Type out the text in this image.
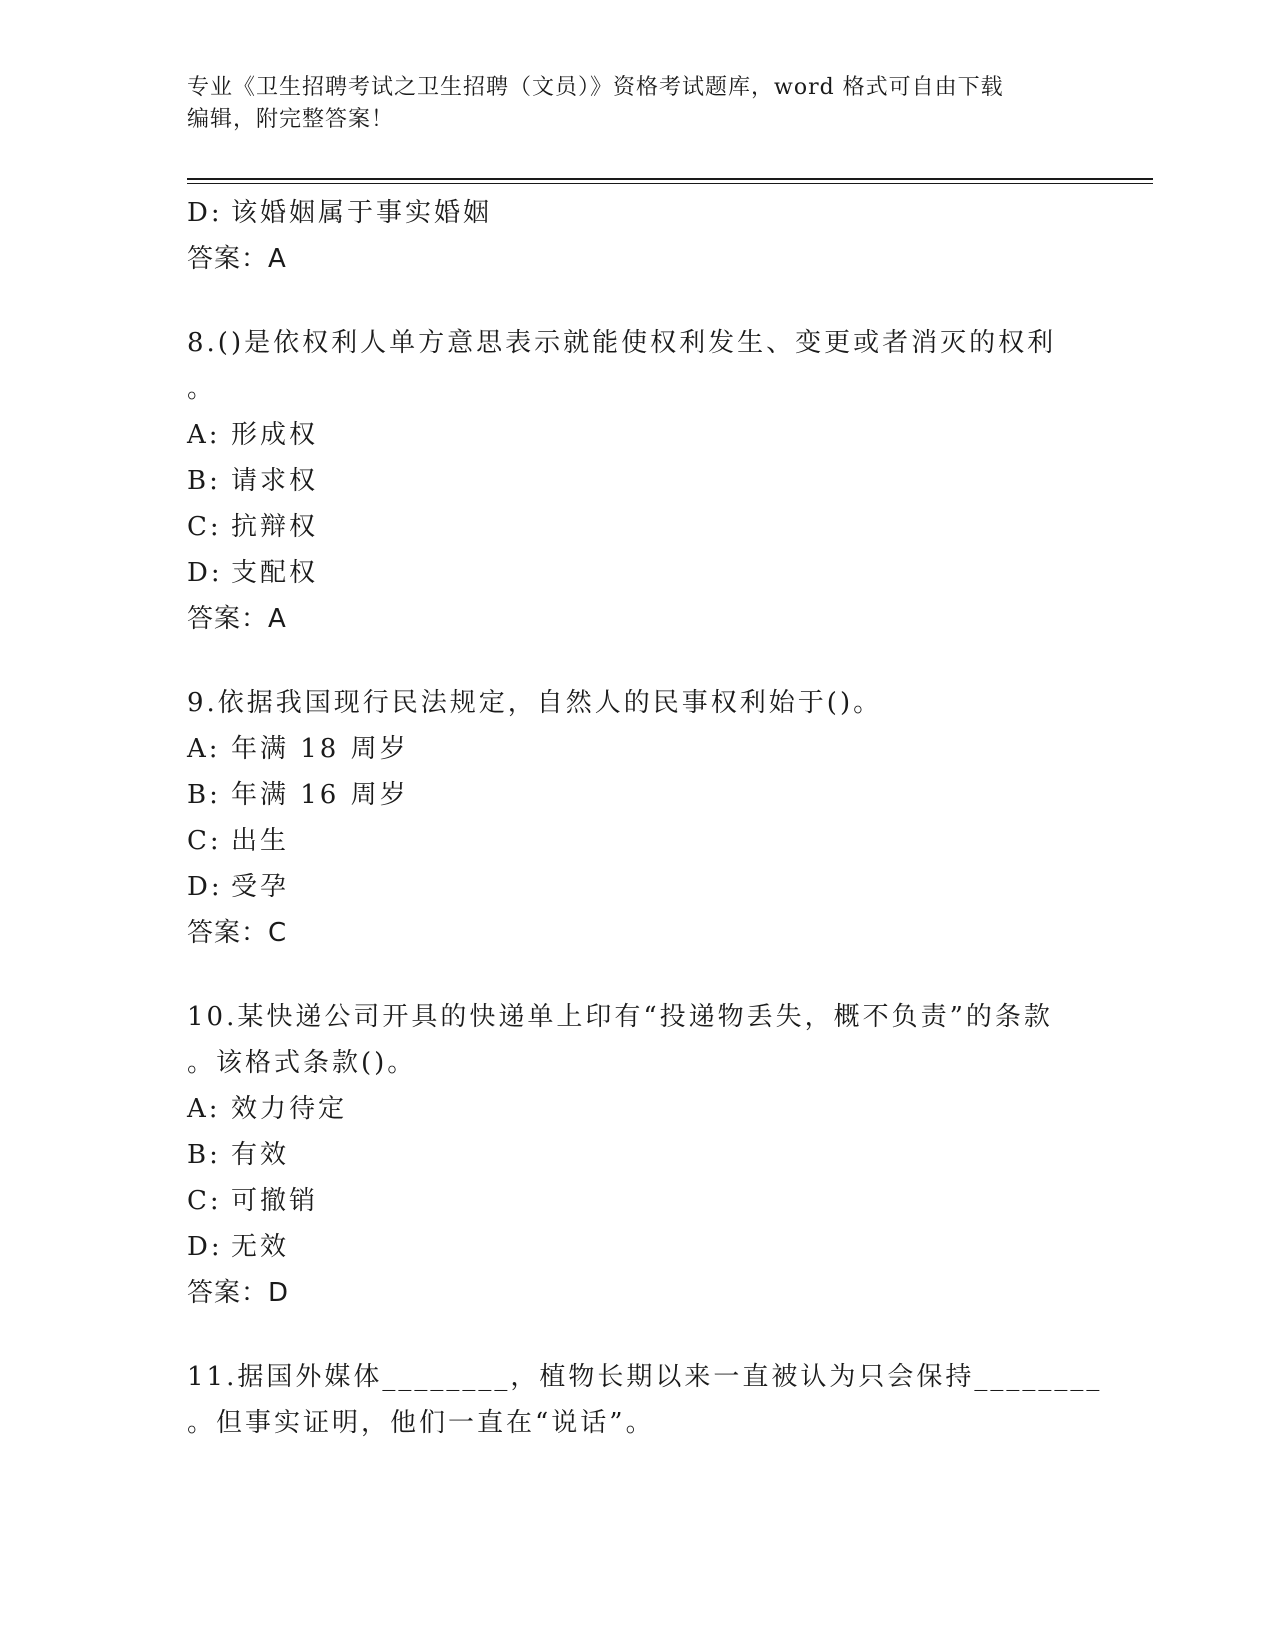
专业《卫生招聘考试之卫生招聘（文员）》资格考试题库，word 格式可自由下载
编辑，附完整答案！
D: 该婚姻属于事实婚姻
答案：A
8.()是依权利人单方意思表示就能使权利发生、变更或者消灭的权利
。
A: 形成权
B: 请求权
C: 抗辩权
D: 支配权
答案：A
9.依据我国现行民法规定，自然人的民事权利始于()。
A: 年满 18 周岁
B: 年满 16 周岁
C: 出生
D: 受孕
答案：C
10.某快递公司开具的快递单上印有“投递物丢失，概不负责”的条款
。该格式条款()。
A: 效力待定
B: 有效
C: 可撤销
D: 无效
答案：D
11.据国外媒体________，植物长期以来一直被认为只会保持________
。但事实证明，他们一直在“说话”。
